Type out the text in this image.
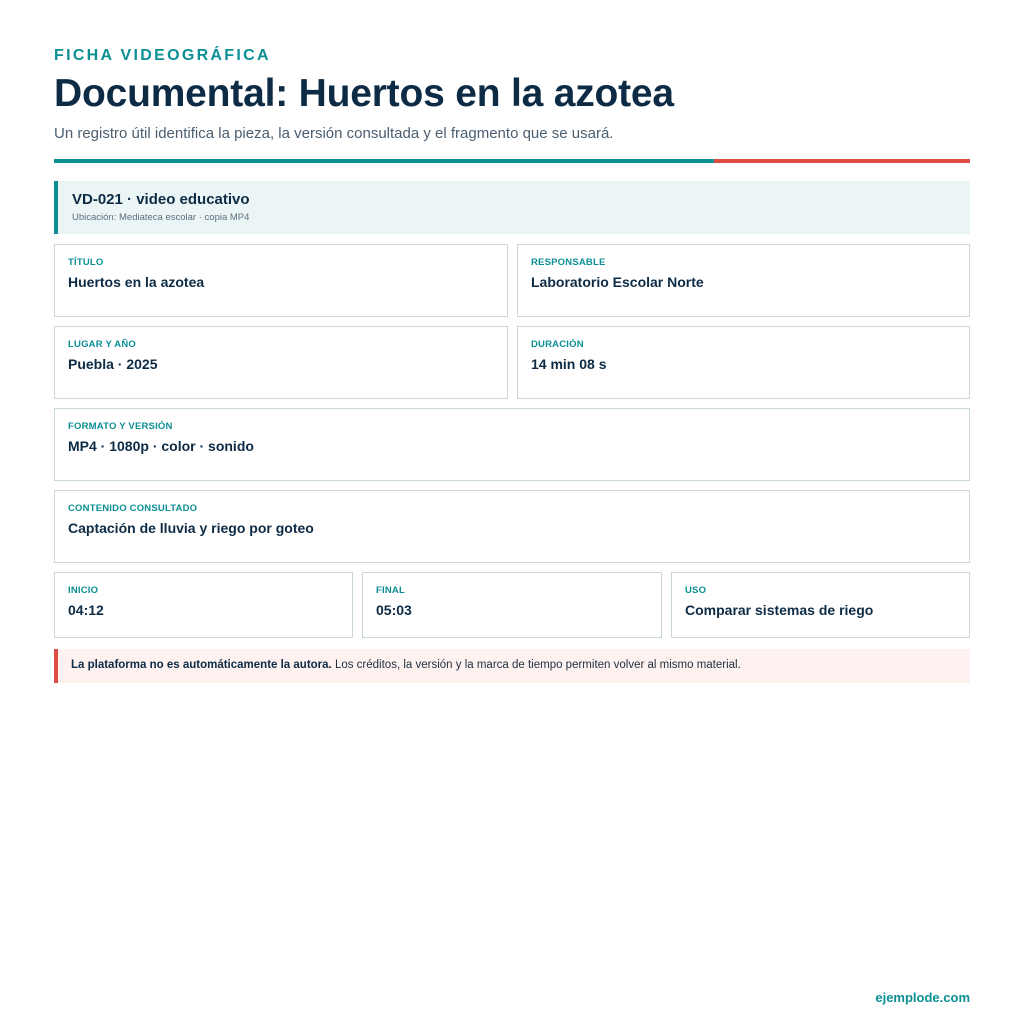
FICHA VIDEOGRÁFICA
Documental: Huertos en la azotea

Un registro útil identifica la pieza, la versión consultada y el fragmento que se usará.

VD-021 · video educativo
Ubicación: Mediateca escolar · copia MP4
TÍTULO
Huertos en la azotea
RESPONSABLE
Laboratorio Escolar Norte
LUGAR Y AÑO
Puebla · 2025
DURACIÓN
14 min 08 s
FORMATO Y VERSIÓN
MP4 · 1080p · color · sonido
CONTENIDO CONSULTADO
Captación de lluvia y riego por goteo
INICIO
04:12
FINAL
05:03
USO
Comparar sistemas de riego
La plataforma no es automáticamente la autora. Los créditos, la versión y la marca de tiempo permiten volver al mismo material.
ejemplode.com
